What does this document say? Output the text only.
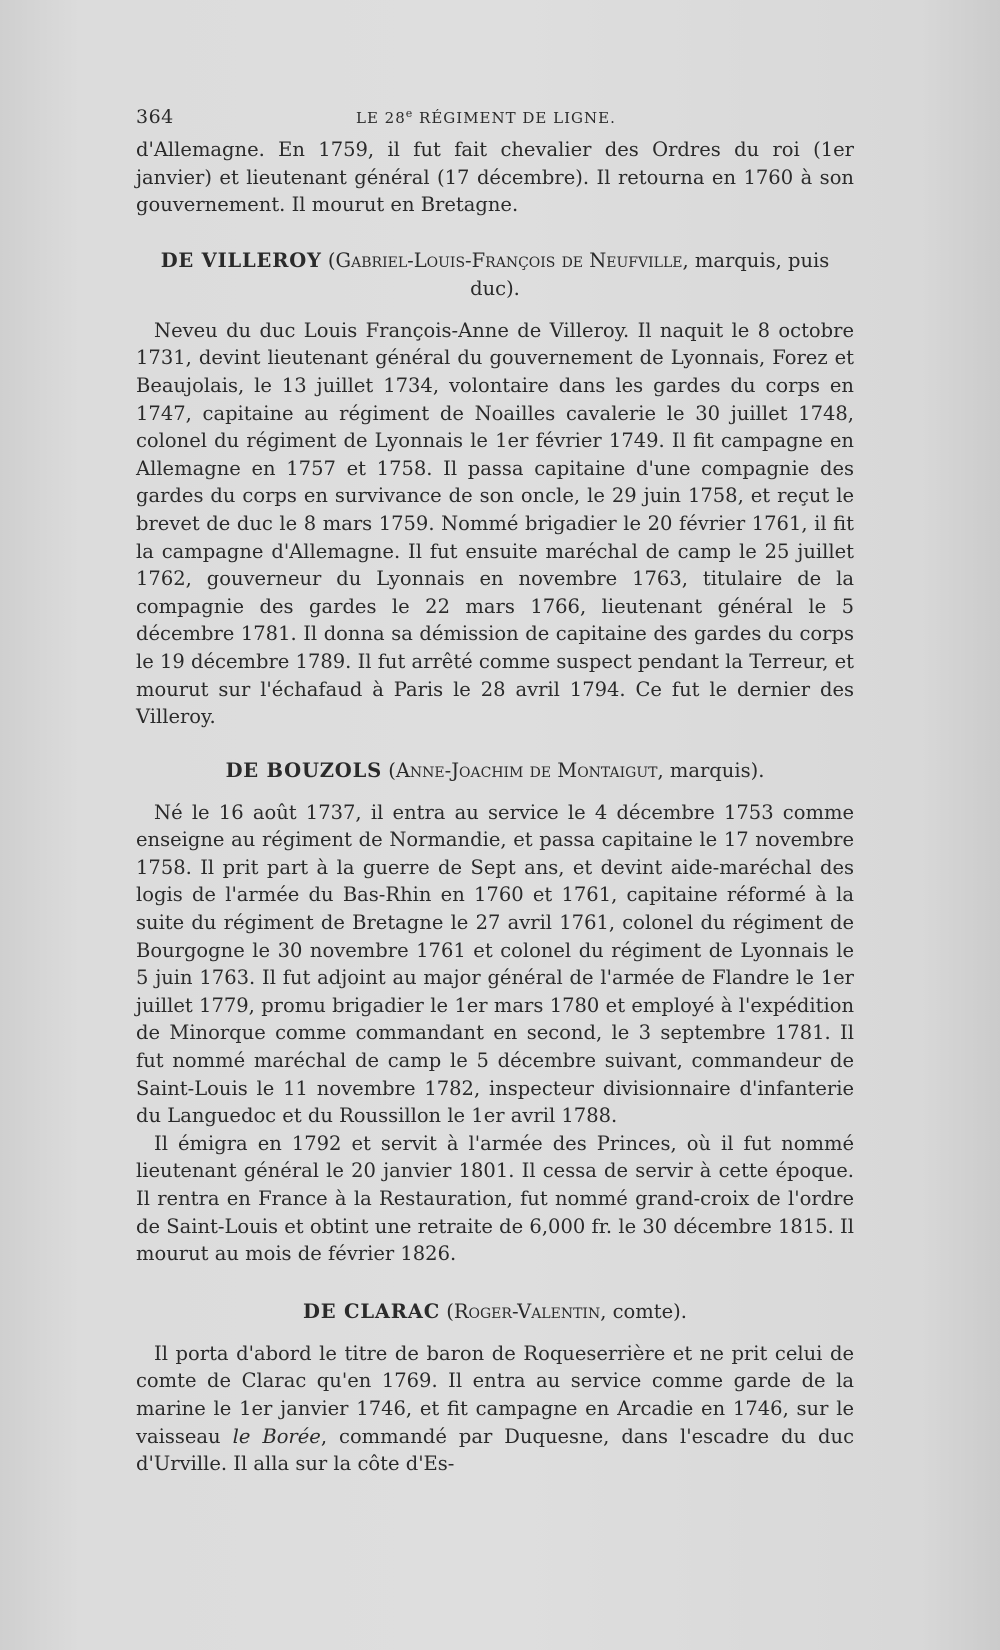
364	LE 28e RÉGIMENT DE LIGNE.

d'Allemagne. En 1759, il fut fait chevalier des Ordres du roi (1er janvier) et lieutenant général (17 décembre). Il retourna en 1760 à son gouvernement. Il mourut en Bretagne.

DE VILLEROY (Gabriel-Louis-François de Neufville, marquis, puis duc).

Neveu du duc Louis François-Anne de Villeroy. Il naquit le 8 octobre 1731, devint lieutenant général du gouvernement de Lyonnais, Forez et Beaujolais, le 13 juillet 1734, volontaire dans les gardes du corps en 1747, capitaine au régiment de Noailles cavalerie le 30 juillet 1748, colonel du régiment de Lyonnais le 1er février 1749. Il fit campagne en Allemagne en 1757 et 1758. Il passa capitaine d'une compagnie des gardes du corps en survivance de son oncle, le 29 juin 1758, et reçut le brevet de duc le 8 mars 1759. Nommé brigadier le 20 février 1761, il fit la campagne d'Allemagne. Il fut ensuite maréchal de camp le 25 juillet 1762, gouverneur du Lyonnais en novembre 1763, titulaire de la compagnie des gardes le 22 mars 1766, lieutenant général le 5 décembre 1781. Il donna sa démission de capitaine des gardes du corps le 19 décembre 1789. Il fut arrêté comme suspect pendant la Terreur, et mourut sur l'échafaud à Paris le 28 avril 1794. Ce fut le dernier des Villeroy.

DE BOUZOLS (Anne-Joachim de Montaigut, marquis).

Né le 16 août 1737, il entra au service le 4 décembre 1753 comme enseigne au régiment de Normandie, et passa capitaine le 17 novembre 1758. Il prit part à la guerre de Sept ans, et devint aide-maréchal des logis de l'armée du Bas-Rhin en 1760 et 1761, capitaine réformé à la suite du régiment de Bretagne le 27 avril 1761, colonel du régiment de Bourgogne le 30 novembre 1761 et colonel du régiment de Lyonnais le 5 juin 1763. Il fut adjoint au major général de l'armée de Flandre le 1er juillet 1779, promu brigadier le 1er mars 1780 et employé à l'expédition de Minorque comme commandant en second, le 3 septembre 1781. Il fut nommé maréchal de camp le 5 décembre suivant, commandeur de Saint-Louis le 11 novembre 1782, inspecteur divisionnaire d'infanterie du Languedoc et du Roussillon le 1er avril 1788.

Il émigra en 1792 et servit à l'armée des Princes, où il fut nommé lieutenant général le 20 janvier 1801. Il cessa de servir à cette époque. Il rentra en France à la Restauration, fut nommé grand-croix de l'ordre de Saint-Louis et obtint une retraite de 6,000 fr. le 30 décembre 1815. Il mourut au mois de février 1826.

DE CLARAC (Roger-Valentin, comte).

Il porta d'abord le titre de baron de Roqueserrière et ne prit celui de comte de Clarac qu'en 1769. Il entra au service comme garde de la marine le 1er janvier 1746, et fit campagne en Arcadie en 1746, sur le vaisseau le Borée, commandé par Duquesne, dans l'escadre du duc d'Urville. Il alla sur la côte d'Es-
